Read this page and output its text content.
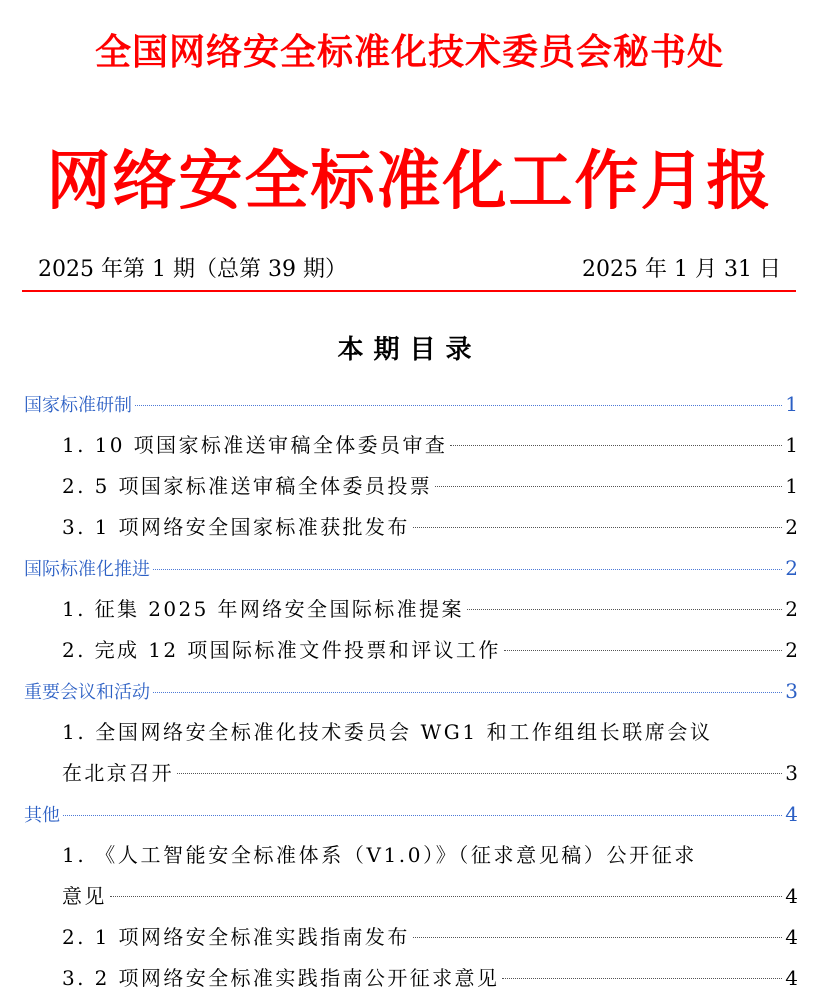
全国网络安全标准化技术委员会秘书处
网络安全标准化工作月报
2025 年第 1 期（总第 39 期）	2025 年 1 月 31 日
本期目录
国家标准研制	1
1. 10 项国家标准送审稿全体委员审查	1
2. 5 项国家标准送审稿全体委员投票	1
3. 1 项网络安全国家标准获批发布	2
国际标准化推进	2
1. 征集 2025 年网络安全国际标准提案	2
2. 完成 12 项国际标准文件投票和评议工作	2
重要会议和活动	3
1. 全国网络安全标准化技术委员会 WG1 和工作组组长联席会议
在北京召开	3
其他	4
1. 《人工智能安全标准体系（V1.0）》（征求意见稿）公开征求
意见	4
2. 1 项网络安全标准实践指南发布	4
3. 2 项网络安全标准实践指南公开征求意见	4
